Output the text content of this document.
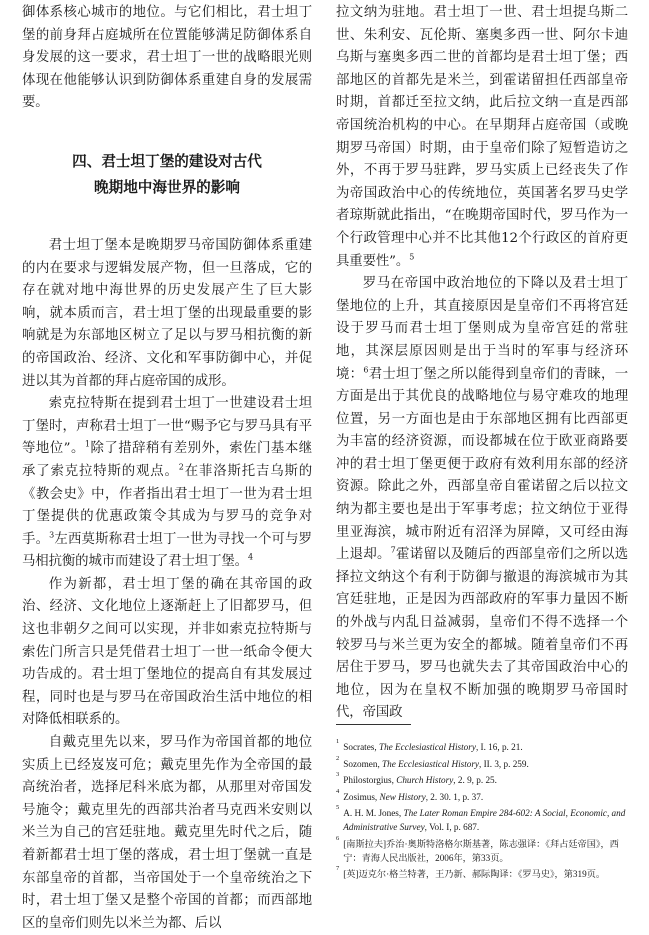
御体系核心城市的地位。与它们相比，君士坦丁堡的前身拜占庭城所在位置能够满足防御体系自身发展的这一要求，君士坦丁一世的战略眼光则体现在他能够认识到防御体系重建自身的发展需要。

四、君士坦丁堡的建设对古代
晚期地中海世界的影响

君士坦丁堡本是晚期罗马帝国防御体系重建的内在要求与逻辑发展产物，但一旦落成，它的存在就对地中海世界的历史发展产生了巨大影响，就本质而言，君士坦丁堡的出现最重要的影响就是为东部地区树立了足以与罗马相抗衡的新的帝国政治、经济、文化和军事防御中心，并促进以其为首都的拜占庭帝国的成形。

索克拉特斯在提到君士坦丁一世建设君士坦丁堡时，声称君士坦丁一世“赐予它与罗马具有平等地位”。$^1$除了措辞稍有差别外，索佐门基本继承了索克拉特斯的观点。$^2$在菲洛斯托吉乌斯的《教会史》中，作者指出君士坦丁一世为君士坦丁堡提供的优惠政策令其成为与罗马的竞争对手。$^3$左西莫斯称君士坦丁一世为寻找一个可与罗马相抗衡的城市而建设了君士坦丁堡。$^4$

作为新都，君士坦丁堡的确在其帝国的政治、经济、文化地位上逐渐赶上了旧都罗马，但这也非朝夕之间可以实现，并非如索克拉特斯与索佐门所言只是凭借君士坦丁一世一纸命令便大功告成的。君士坦丁堡地位的提高自有其发展过程，同时也是与罗马在帝国政治生活中地位的相对降低相联系的。

自戴克里先以来，罗马作为帝国首都的地位实质上已经岌岌可危；戴克里先作为全帝国的最高统治者，选择尼科米底为都，从那里对帝国发号施令；戴克里先的西部共治者马克西米安则以米兰为自己的宫廷驻地。戴克里先时代之后，随着新都君士坦丁堡的落成，君士坦丁堡就一直是东部皇帝的首都，当帝国处于一个皇帝统治之下时，君士坦丁堡又是整个帝国的首都；而西部地区的皇帝们则先以米兰为都、后以

拉文纳为驻地。君士坦丁一世、君士坦提乌斯二世、朱利安、瓦伦斯、塞奥多西一世、阿尔卡迪乌斯与塞奥多西二世的首都均是君士坦丁堡；西部地区的首都先是米兰，到霍诺留担任西部皇帝时期，首都迁至拉文纳，此后拉文纳一直是西部帝国统治机构的中心。在早期拜占庭帝国（或晚期罗马帝国）时期，由于皇帝们除了短暂造访之外，不再于罗马驻跸，罗马实质上已经丧失了作为帝国政治中心的传统地位，英国著名罗马史学者琼斯就此指出，“在晚期帝国时代，罗马作为一个行政管理中心并不比其他12个行政区的首府更具重要性”。$^5$

罗马在帝国中政治地位的下降以及君士坦丁堡地位的上升，其直接原因是皇帝们不再将宫廷设于罗马而君士坦丁堡则成为皇帝宫廷的常驻地，其深层原因则是出于当时的军事与经济环境：$^6$君士坦丁堡之所以能得到皇帝们的青睐，一方面是出于其优良的战略地位与易守难攻的地理位置，另一方面也是由于东部地区拥有比西部更为丰富的经济资源，而设都城在位于欧亚商路要冲的君士坦丁堡更便于政府有效利用东部的经济资源。除此之外，西部皇帝自霍诺留之后以拉文纳为都主要也是出于军事考虑；拉文纳位于亚得里亚海滨，城市附近有沼泽为屏障，又可经由海上退却。$^7$霍诺留以及随后的西部皇帝们之所以选择拉文纳这个有利于防御与撤退的海滨城市为其宫廷驻地，正是因为西部政府的军事力量因不断的外战与内乱日益减弱，皇帝们不得不选择一个较罗马与米兰更为安全的都城。随着皇帝们不再居住于罗马，罗马也就失去了其帝国政治中心的地位，因为在皇权不断加强的晚期罗马帝国时代，帝国政

1
Socrates, The Ecclesiastical History, I. 16, p. 21.
2
Sozomen, The Ecclesiastical History, II. 3, p. 259.
3
Philostorgius, Church History, 2. 9, p. 25.
4
Zosimus, New History, 2. 30. 1, p. 37.
5
A. H. M. Jones, The Later Roman Empire 284-602: A Social, Economic, and Administrative Survey, Vol. I, p. 687.
6
[南斯拉夫]乔治·奥斯特洛格尔斯基著，陈志强译：《拜占廷帝国》，西宁：青海人民出版社，2006年，第33页。
7
[英]迈克尔·格兰特著，王乃新、郝际陶译：《罗马史》，第319页。
